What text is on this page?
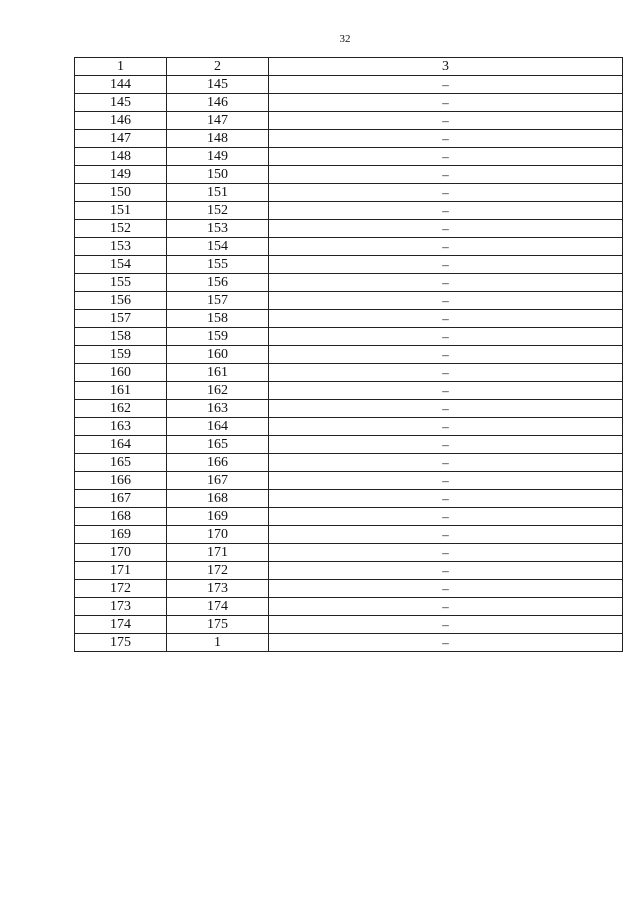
32
1	2	3
144	145	–
145	146	–
146	147	–
147	148	–
148	149	–
149	150	–
150	151	–
151	152	–
152	153	–
153	154	–
154	155	–
155	156	–
156	157	–
157	158	–
158	159	–
159	160	–
160	161	–
161	162	–
162	163	–
163	164	–
164	165	–
165	166	–
166	167	–
167	168	–
168	169	–
169	170	–
170	171	–
171	172	–
172	173	–
173	174	–
174	175	–
175	1	–
